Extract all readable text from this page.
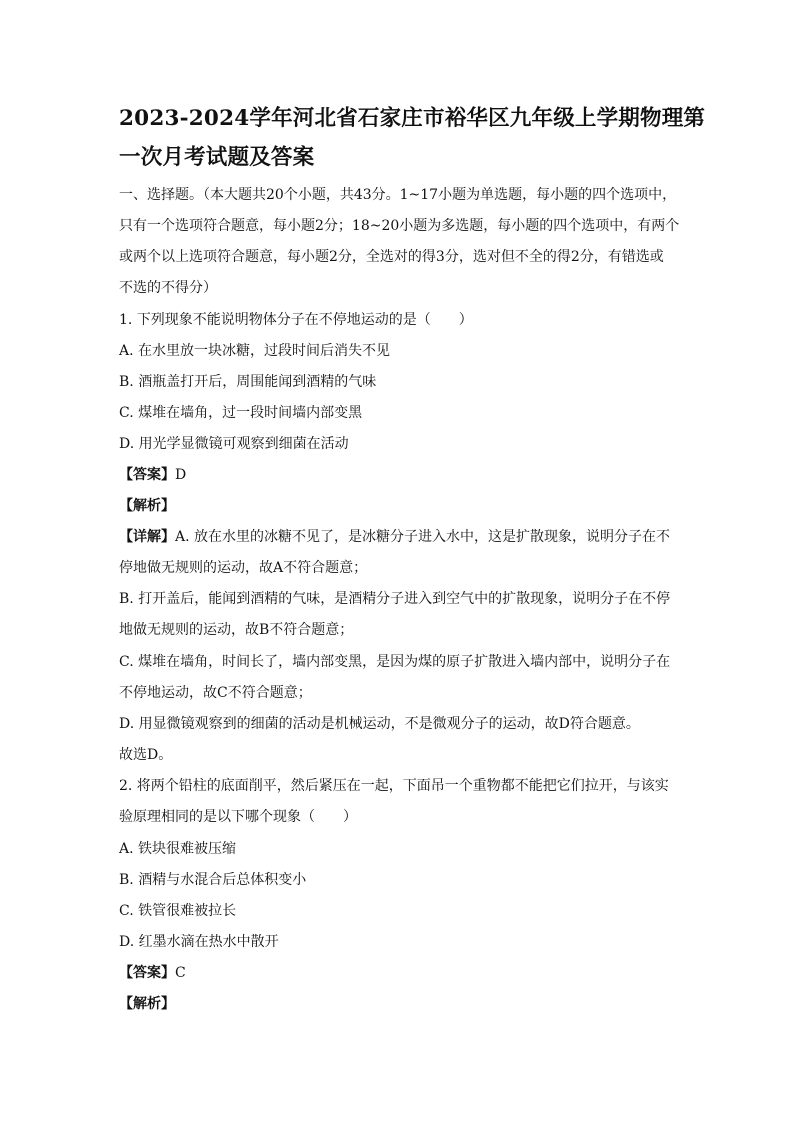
2023-2024学年河北省石家庄市裕华区九年级上学期物理第
一次月考试题及答案
一、选择题。（本大题共20个小题，共43分。1~17小题为单选题，每小题的四个选项中，
只有一个选项符合题意，每小题2分；18~20小题为多选题，每小题的四个选项中，有两个
或两个以上选项符合题意，每小题2分，全选对的得3分，选对但不全的得2分，有错选或
不选的不得分）
1. 下列现象不能说明物体分子在不停地运动的是（　　）
A. 在水里放一块冰糖，过段时间后消失不见
B. 酒瓶盖打开后，周围能闻到酒精的气味
C. 煤堆在墙角，过一段时间墙内部变黑
D. 用光学显微镜可观察到细菌在活动
【答案】D
【解析】
【详解】A. 放在水里的冰糖不见了，是冰糖分子进入水中，这是扩散现象，说明分子在不
停地做无规则的运动，故A不符合题意；
B. 打开盖后，能闻到酒精的气味，是酒精分子进入到空气中的扩散现象，说明分子在不停
地做无规则的运动，故B不符合题意；
C. 煤堆在墙角，时间长了，墙内部变黑，是因为煤的原子扩散进入墙内部中，说明分子在
不停地运动，故C不符合题意；
D. 用显微镜观察到的细菌的活动是机械运动，不是微观分子的运动，故D符合题意。
故选D。
2. 将两个铅柱的底面削平，然后紧压在一起，下面吊一个重物都不能把它们拉开，与该实
验原理相同的是以下哪个现象（　　）
A. 铁块很难被压缩
B. 酒精与水混合后总体积变小
C. 铁管很难被拉长
D. 红墨水滴在热水中散开
【答案】C
【解析】
